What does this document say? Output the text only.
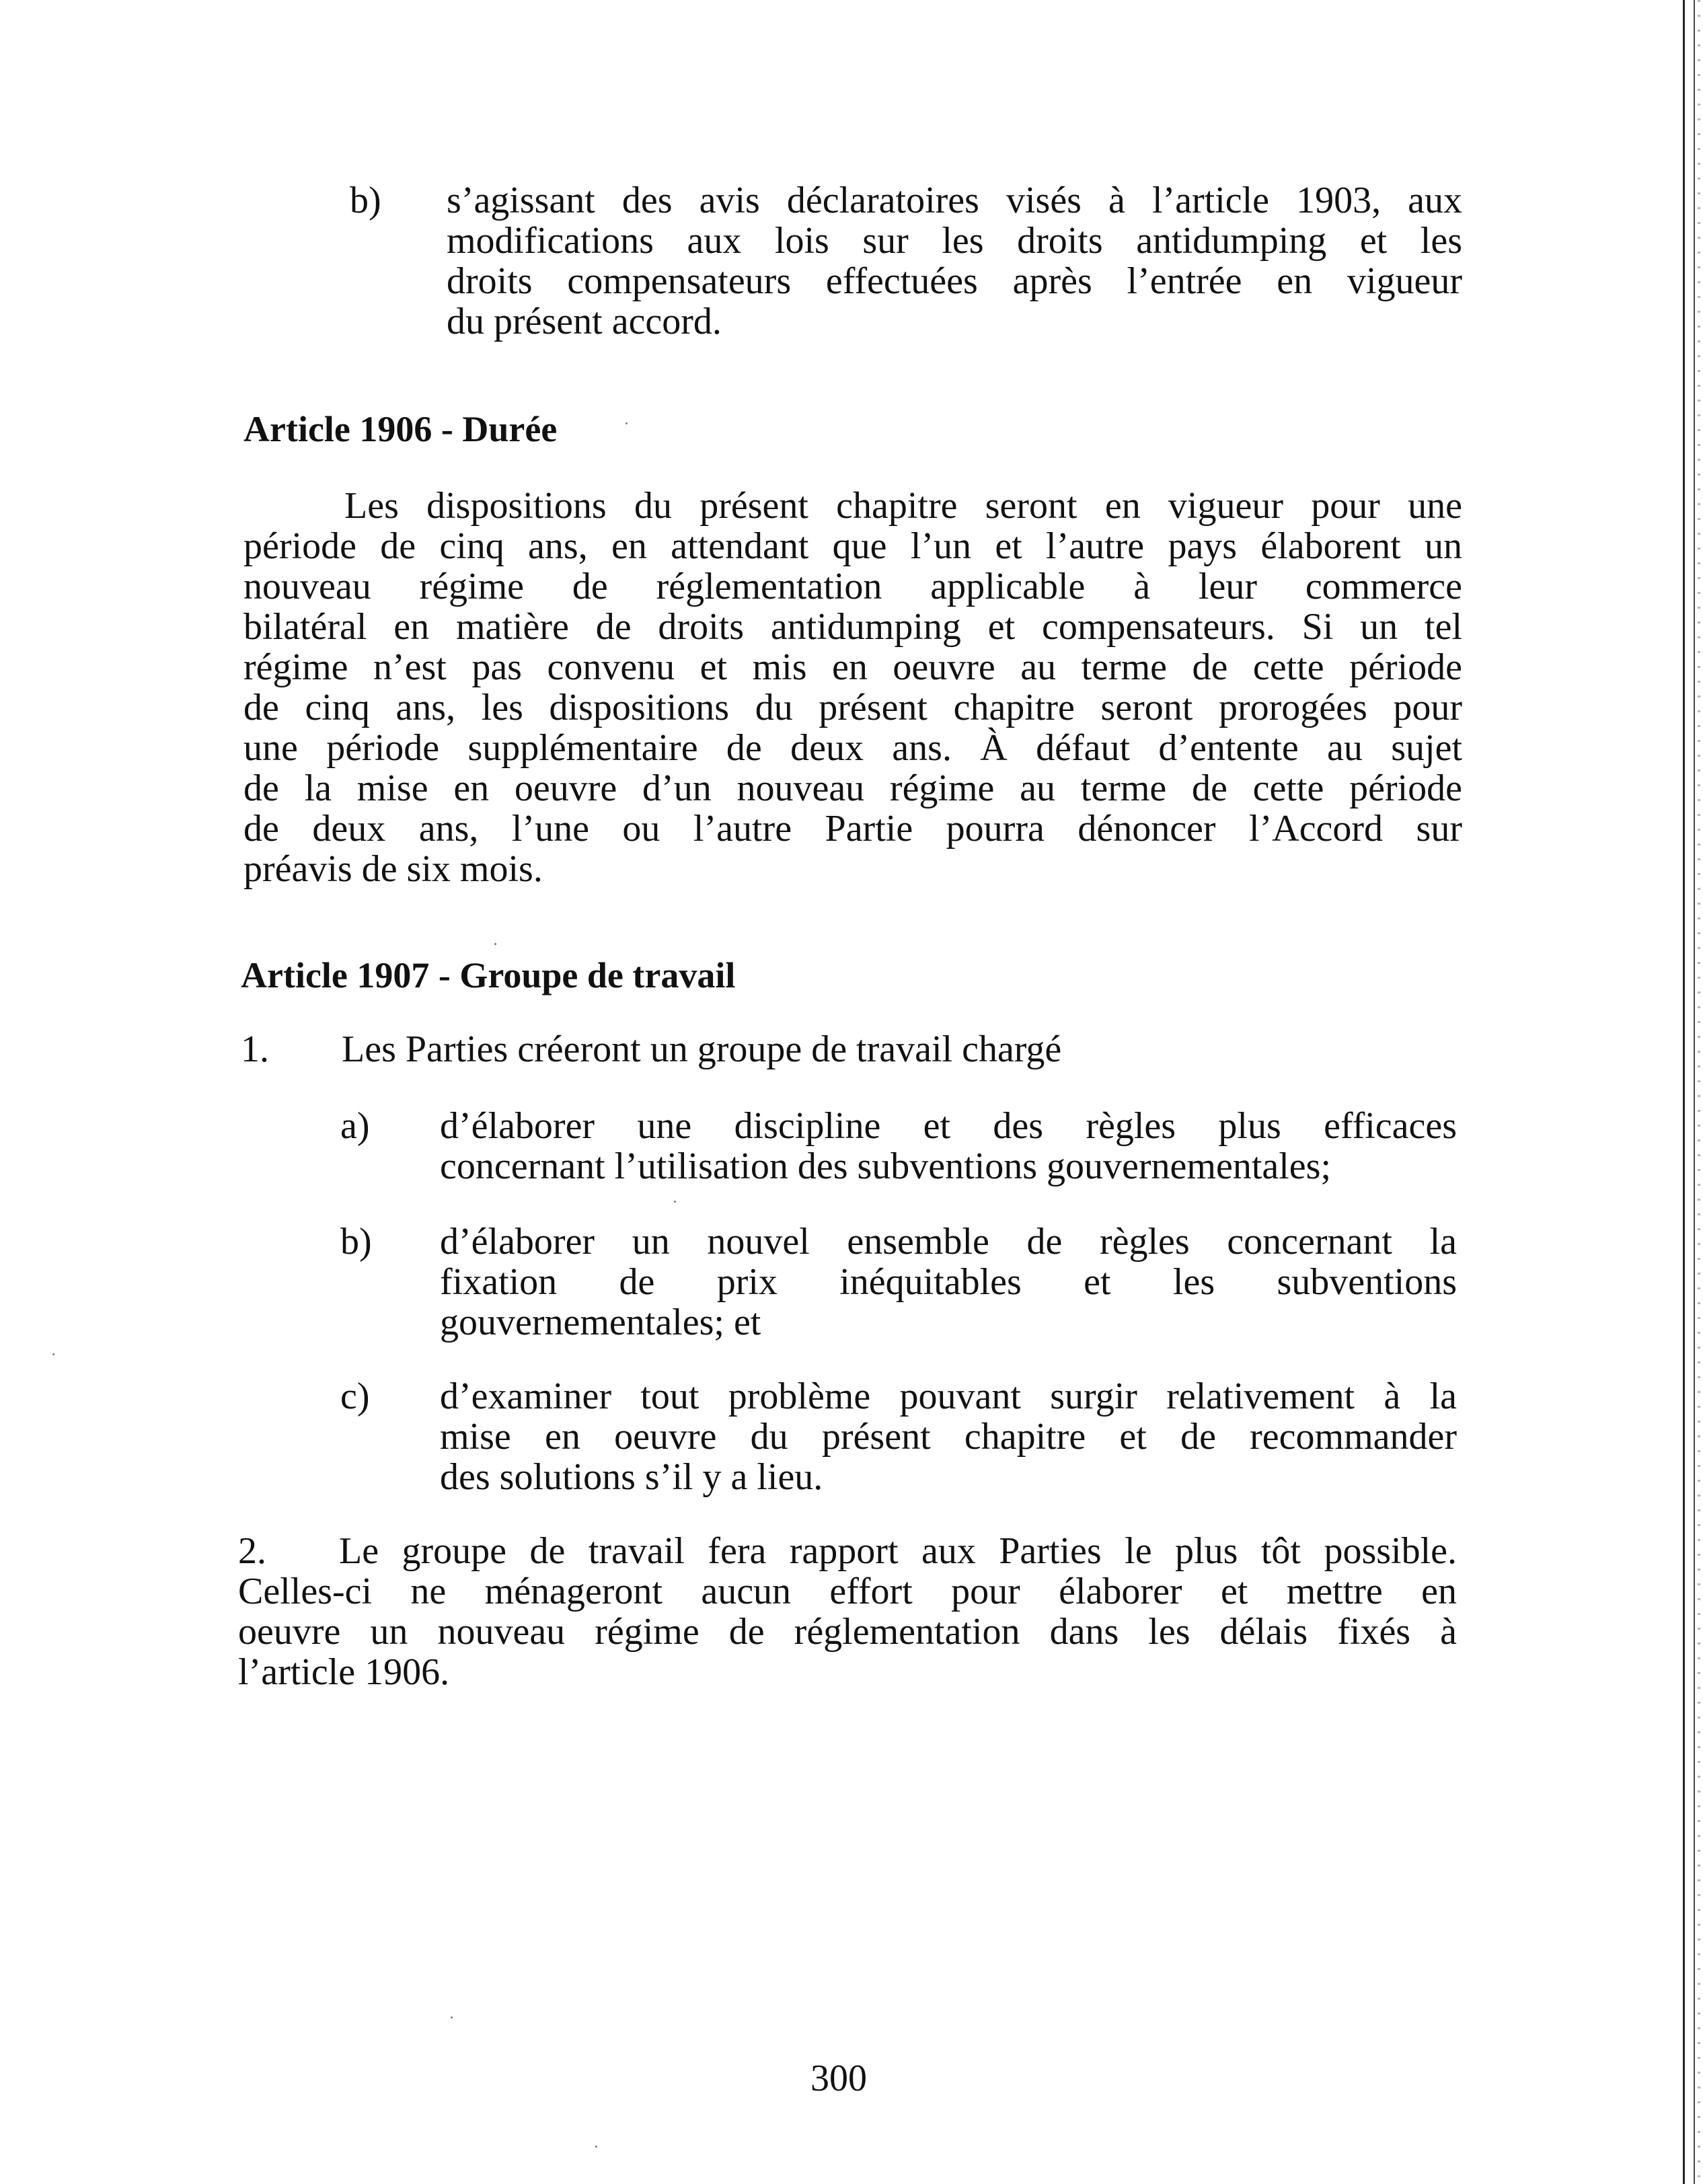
b) s’agissant des avis déclaratoires visés à l’article 1903, aux
modifications aux lois sur les droits antidumping et les
droits compensateurs effectuées après l’entrée en vigueur
du présent accord.
Article 1906 - Durée
Les dispositions du présent chapitre seront en vigueur pour une
période de cinq ans, en attendant que l’un et l’autre pays élaborent un
nouveau régime de réglementation applicable à leur commerce
bilatéral en matière de droits antidumping et compensateurs. Si un tel
régime n’est pas convenu et mis en oeuvre au terme de cette période
de cinq ans, les dispositions du présent chapitre seront prorogées pour
une période supplémentaire de deux ans. À défaut d’entente au sujet
de la mise en oeuvre d’un nouveau régime au terme de cette période
de deux ans, l’une ou l’autre Partie pourra dénoncer l’Accord sur
préavis de six mois.
Article 1907 - Groupe de travail
1. Les Parties créeront un groupe de travail chargé
a) d’élaborer une discipline et des règles plus efficaces
concernant l’utilisation des subventions gouvernementales;
b) d’élaborer un nouvel ensemble de règles concernant la
fixation de prix inéquitables et les subventions
gouvernementales; et
c) d’examiner tout problème pouvant surgir relativement à la
mise en oeuvre du présent chapitre et de recommander
des solutions s’il y a lieu.
2.	Le groupe de travail fera rapport aux Parties le plus tôt possible.
Celles-ci ne ménageront aucun effort pour élaborer et mettre en
oeuvre un nouveau régime de réglementation dans les délais fixés à
l’article 1906.
300
